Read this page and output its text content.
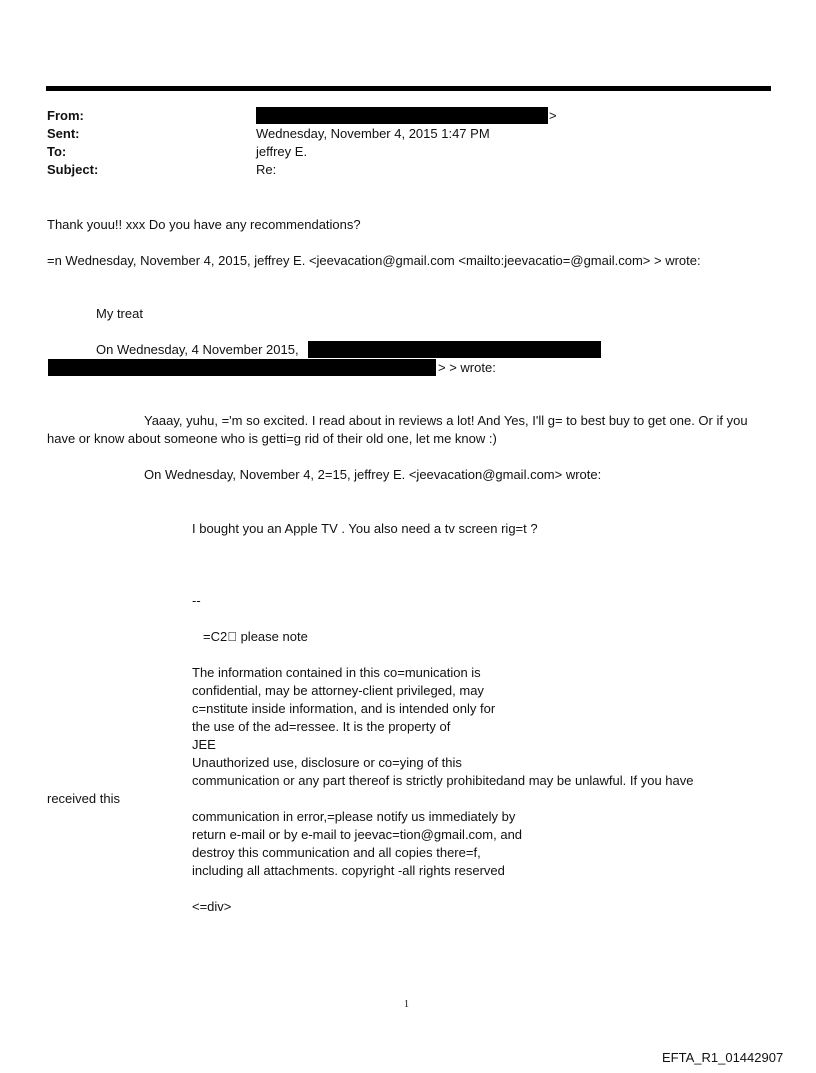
From:
Sent:
To:
Subject:
>
Wednesday, November 4, 2015 1:47 PM
jeffrey E.
Re:
Thank youu!! xxx Do you have any recommendations?
=n Wednesday, November 4, 2015, jeffrey E. <jeevacation@gmail.com <mailto:jeevacatio=@gmail.com> > wrote:
My treat
On Wednesday, 4 November 2015,
> > wrote:
Yaaay, yuhu, ='m so excited. I read about in reviews a lot! And Yes, I'll g= to best buy to get one. Or if you
have or know about someone who is getti=g rid of their old one, let me know :)
On Wednesday, November 4, 2=15, jeffrey E. <jeevacation@gmail.com> wrote:
I bought you an Apple TV . You also need a tv screen rig=t ?
--
=C2  please note
The information contained in this co=munication is
confidential, may be attorney-client privileged, may
c=nstitute inside information, and is intended only for
the use of the ad=ressee. It is the property of
JEE
Unauthorized use, disclosure or co=ying of this
communication or any part thereof is strictly prohibitedand may be unlawful. If you have
received this
communication in error,=please notify us immediately by
return e-mail or by e-mail to jeevac=tion@gmail.com, and
destroy this communication and all copies there=f,
including all attachments. copyright -all rights reserved
<=div>
1
EFTA_R1_01442907
